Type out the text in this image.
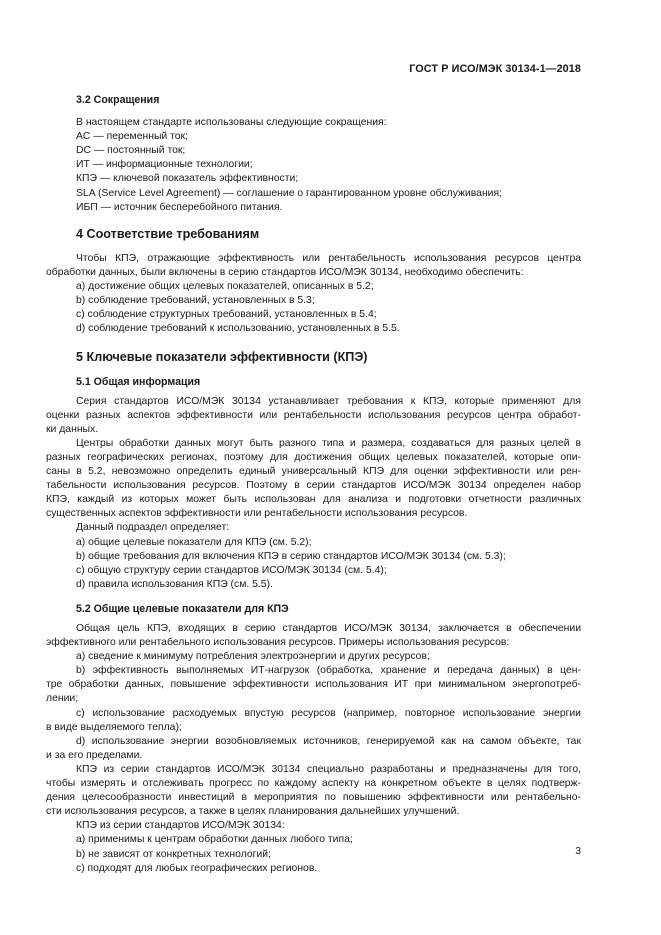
ГОСТ Р ИСО/МЭК 30134-1—2018
3.2 Сокращения
В настоящем стандарте использованы следующие сокращения:
AC — переменный ток;
DC — постоянный ток;
ИТ — информационные технологии;
КПЭ — ключевой показатель эффективности;
SLA (Service Level Agreement) — соглашение о гарантированном уровне обслуживания;
ИБП — источник бесперебойного питания.
4 Соответствие требованиям
Чтобы КПЭ, отражающие эффективность или рентабельность использования ресурсов центра
обработки данных, были включены в серию стандартов ИСО/МЭК 30134, необходимо обеспечить:
a) достижение общих целевых показателей, описанных в 5.2;
b) соблюдение требований, установленных в 5.3;
c) соблюдение структурных требований, установленных в 5.4;
d) соблюдение требований к использованию, установленных в 5.5.
5 Ключевые показатели эффективности (КПЭ)
5.1 Общая информация
Серия стандартов ИСО/МЭК 30134 устанавливает требования к КПЭ, которые применяют для
оценки разных аспектов эффективности или рентабельности использования ресурсов центра обработ-
ки данных.
Центры обработки данных могут быть разного типа и размера, создаваться для разных целей в
разных географических регионах, поэтому для достижения общих целевых показателей, которые опи-
саны в 5.2, невозможно определить единый универсальный КПЭ для оценки эффективности или рен-
табельности использования ресурсов. Поэтому в серии стандартов ИСО/МЭК 30134 определен набор
КПЭ, каждый из которых может быть использован для анализа и подготовки отчетности различных
существенных аспектов эффективности или рентабельности использования ресурсов.
Данный подраздел определяет:
a) общие целевые показатели для КПЭ (см. 5.2);
b) общие требования для включения КПЭ в серию стандартов ИСО/МЭК 30134 (см. 5.3);
c) общую структуру серии стандартов ИСО/МЭК 30134 (см. 5.4);
d) правила использования КПЭ (см. 5.5).
5.2 Общие целевые показатели для КПЭ
Общая цель КПЭ, входящих в серию стандартов ИСО/МЭК 30134, заключается в обеспечении
эффективного или рентабельного использования ресурсов. Примеры использования ресурсов:
a) сведение к минимуму потребления электроэнергии и других ресурсов;
b) эффективность выполняемых ИТ-нагрузок (обработка, хранение и передача данных) в цен-
тре обработки данных, повышение эффективности использования ИТ при минимальном энергопотреб-
лении;
c) использование расходуемых впустую ресурсов (например, повторное использование энергии
в виде выделяемого тепла);
d) использование энергии возобновляемых источников, генерируемой как на самом объекте, так
и за его пределами.
КПЭ из серии стандартов ИСО/МЭК 30134 специально разработаны и предназначены для того,
чтобы измерять и отслеживать прогресс по каждому аспекту на конкретном объекте в целях подтверж-
дения целесообразности инвестиций в мероприятия по повышению эффективности или рентабельно-
сти использования ресурсов, а также в целях планирования дальнейших улучшений.
КПЭ из серии стандартов ИСО/МЭК 30134:
a) применимы к центрам обработки данных любого типа;
b) не зависят от конкретных технологий;
c) подходят для любых географических регионов.
3
